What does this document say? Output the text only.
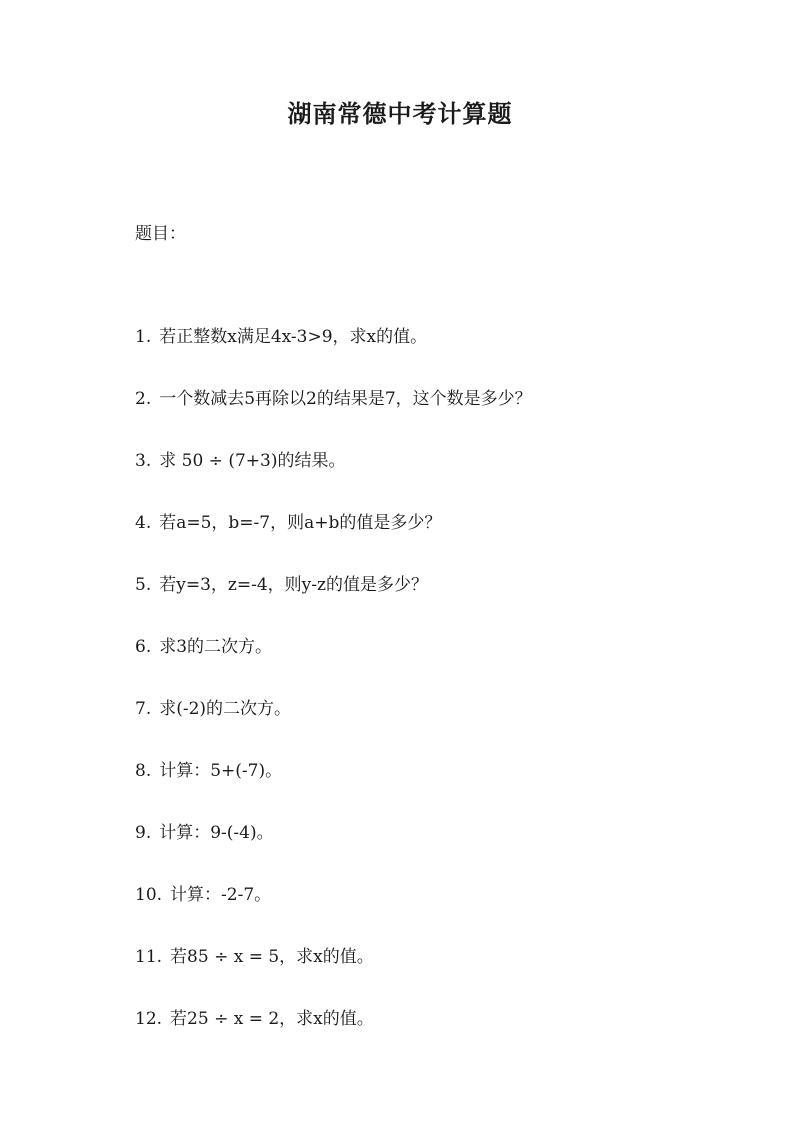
湖南常德中考计算题
题目：
1. 若正整数x满足4x-3>9，求x的值。
2. 一个数减去5再除以2的结果是7，这个数是多少？
3. 求 50 ÷ (7+3)的结果。
4. 若a=5，b=-7，则a+b的值是多少？
5. 若y=3，z=-4，则y-z的值是多少？
6. 求3的二次方。
7. 求(-2)的二次方。
8. 计算：5+(-7)。
9. 计算：9-(-4)。
10. 计算：-2-7。
11. 若85 ÷ x = 5，求x的值。
12. 若25 ÷ x = 2，求x的值。
